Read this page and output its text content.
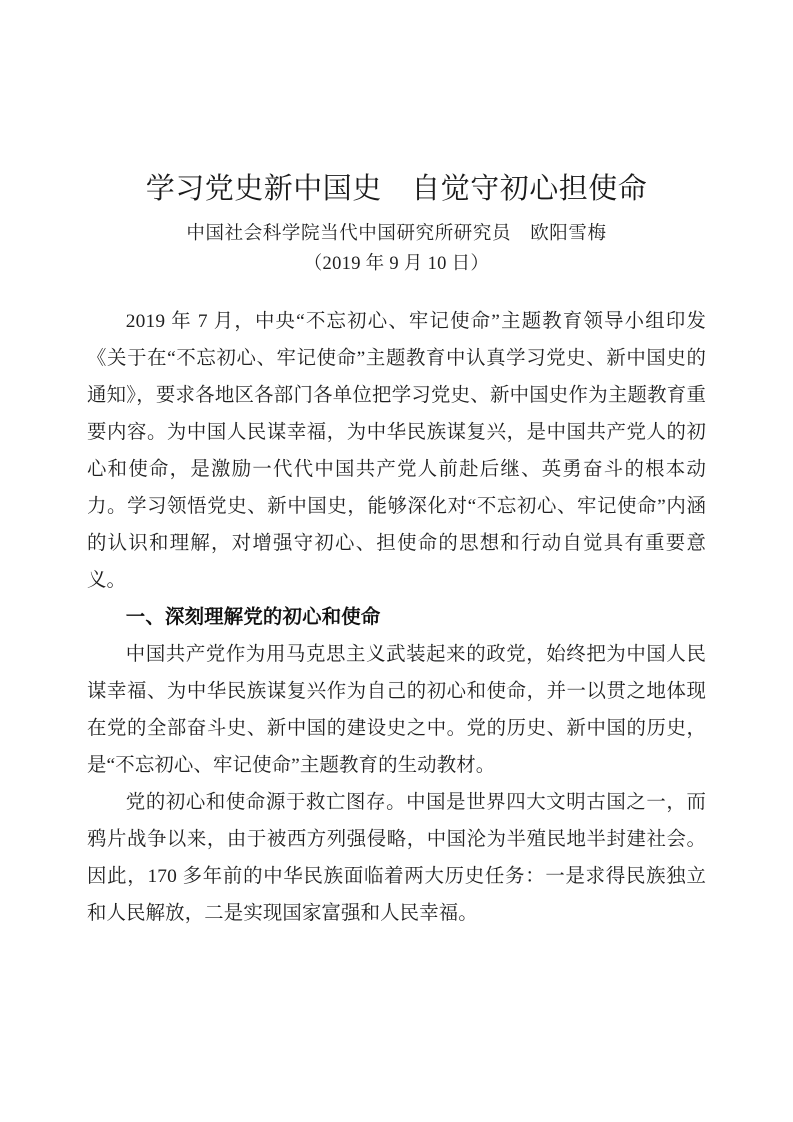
学习党史新中国史　自觉守初心担使命
中国社会科学院当代中国研究所研究员　欧阳雪梅
（2019 年 9 月 10 日）

2019 年 7 月，中央“不忘初心、牢记使命”主题教育领导小组印发《关于在“不忘初心、牢记使命”主题教育中认真学习党史、新中国史的通知》，要求各地区各部门各单位把学习党史、新中国史作为主题教育重要内容。为中国人民谋幸福，为中华民族谋复兴，是中国共产党人的初心和使命，是激励一代代中国共产党人前赴后继、英勇奋斗的根本动力。学习领悟党史、新中国史，能够深化对“不忘初心、牢记使命”内涵的认识和理解，对增强守初心、担使命的思想和行动自觉具有重要意义。

一、深刻理解党的初心和使命

中国共产党作为用马克思主义武装起来的政党，始终把为中国人民谋幸福、为中华民族谋复兴作为自己的初心和使命，并一以贯之地体现在党的全部奋斗史、新中国的建设史之中。党的历史、新中国的历史，是“不忘初心、牢记使命”主题教育的生动教材。

党的初心和使命源于救亡图存。中国是世界四大文明古国之一，而鸦片战争以来，由于被西方列强侵略，中国沦为半殖民地半封建社会。因此，170 多年前的中华民族面临着两大历史任务：一是求得民族独立和人民解放，二是实现国家富强和人民幸福。
